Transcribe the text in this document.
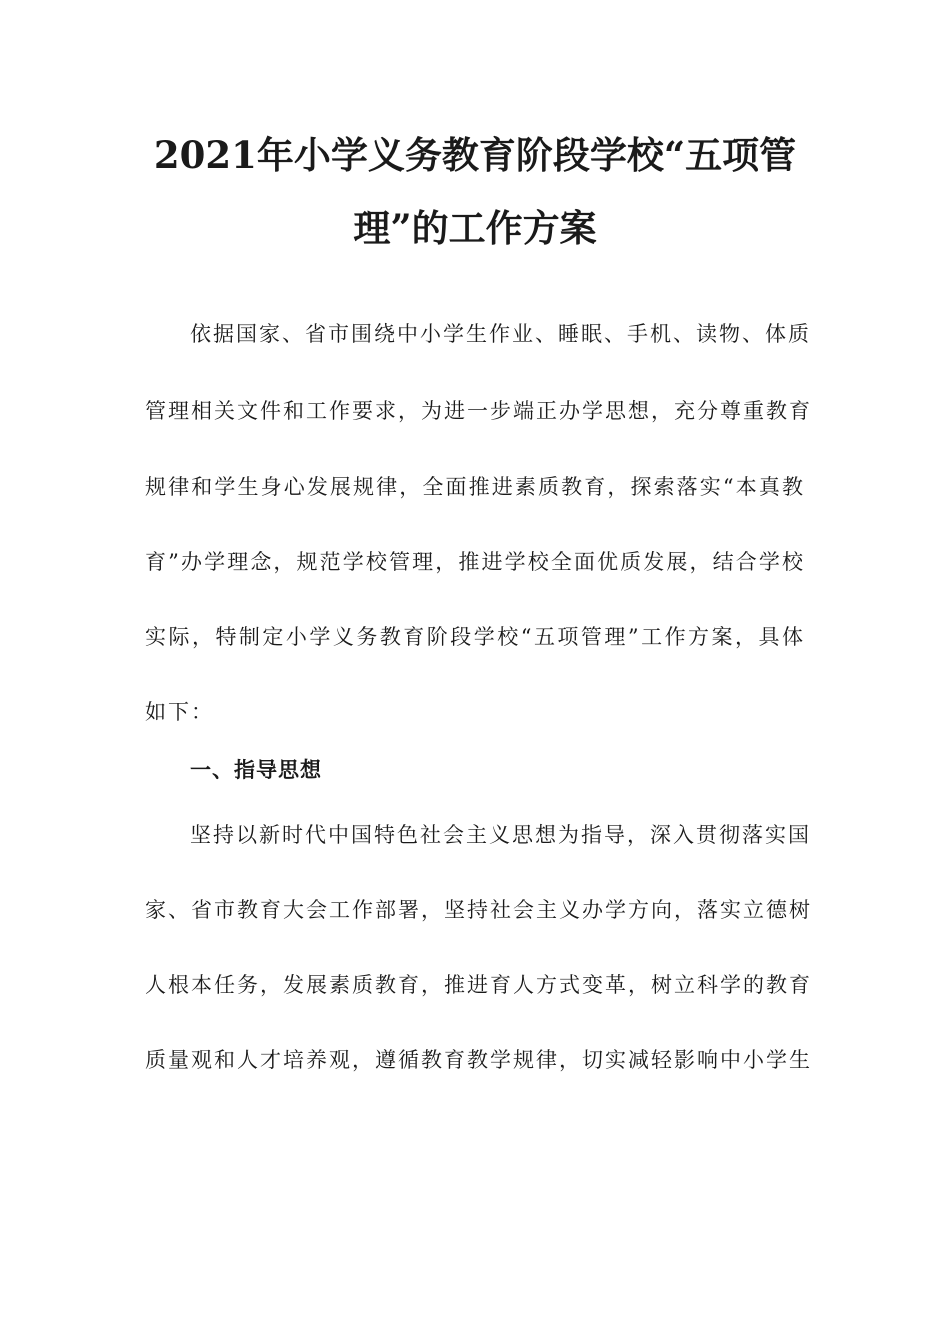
2021年小学义务教育阶段学校“五项管
理”的工作方案
依据国家、省市围绕中小学生作业、睡眠、手机、读物、体质
管理相关文件和工作要求，为进一步端正办学思想，充分尊重教育
规律和学生身心发展规律，全面推进素质教育，探索落实“本真教
育”办学理念，规范学校管理，推进学校全面优质发展，结合学校
实际，特制定小学义务教育阶段学校“五项管理”工作方案，具体
如下：
一、指导思想
坚持以新时代中国特色社会主义思想为指导，深入贯彻落实国
家、省市教育大会工作部署，坚持社会主义办学方向，落实立德树
人根本任务，发展素质教育，推进育人方式变革，树立科学的教育
质量观和人才培养观，遵循教育教学规律，切实减轻影响中小学生
